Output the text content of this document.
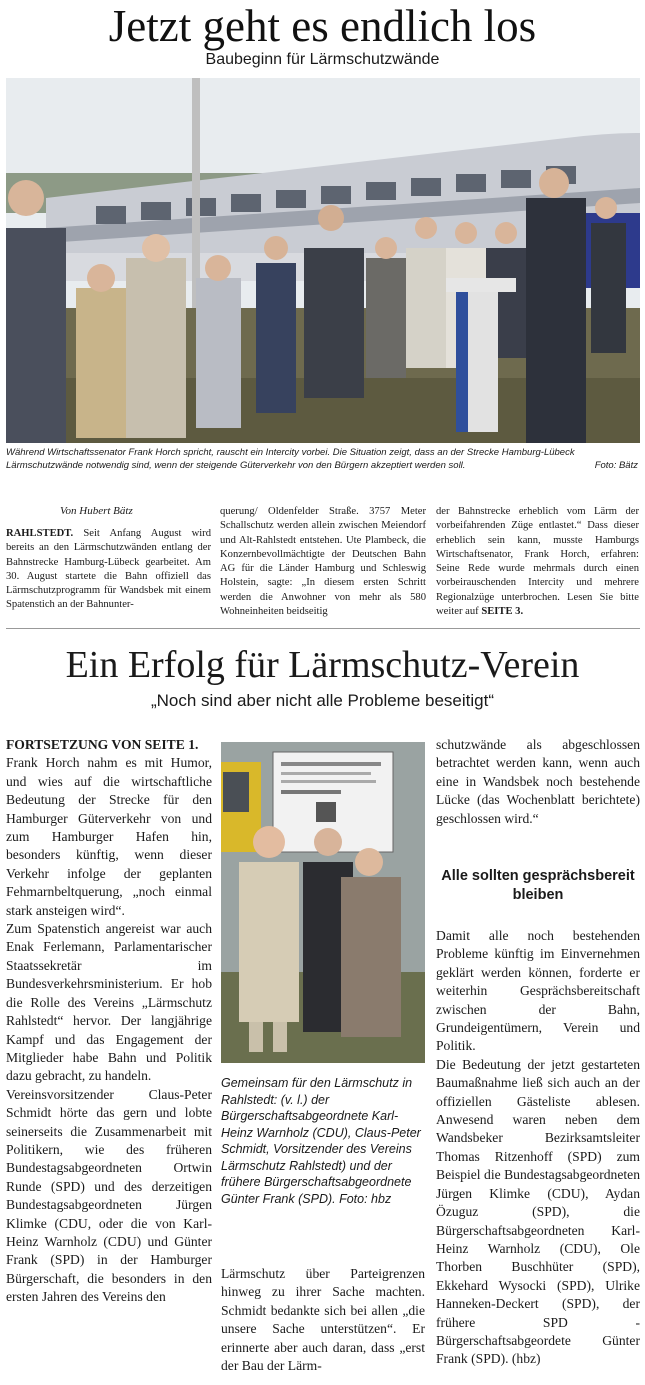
Jetzt geht es endlich los
Baubeginn für Lärmschutzwände
Während Wirtschaftssenator Frank Horch spricht, rauscht ein Intercity vorbei. Die Situation zeigt, dass an der Strecke Hamburg-Lübeck Lärmschutzwände notwendig sind, wenn der steigende Güterverkehr von den Bürgern akzeptiert werden soll.	Foto: Bätz
Von Hubert Bätz
RAHLSTEDT. Seit Anfang August wird bereits an den Lärmschutzwänden entlang der Bahnstrecke Hamburg-Lübeck gearbeitet. Am 30. August startete die Bahn offiziell das Lärmschutzprogramm für Wandsbek mit einem Spatenstich an der Bahnunter-
querung/ Oldenfelder Straße. 3757 Meter Schallschutz werden allein zwischen Meiendorf und Alt-Rahlstedt entstehen. Ute Plambeck, die Konzernbevollmächtigte der Deutschen Bahn AG für die Länder Hamburg und Schleswig Holstein, sagte: „In diesem ersten Schritt werden die Anwohner von mehr als 580 Wohneinheiten beidseitig
der Bahnstrecke erheblich vom Lärm der vorbeifahrenden Züge entlastet.“ Dass dieser erheblich sein kann, musste Hamburgs Wirtschaftsenator, Frank Horch, erfahren: Seine Rede wurde mehrmals durch einen vorbeirauschenden Intercity und mehrere Regionalzüge unterbrochen. Lesen Sie bitte weiter auf SEITE 3.
Ein Erfolg für Lärmschutz-Verein
„Noch sind aber nicht alle Probleme beseitigt“

FORTSETZUNG VON SEITE 1.
Frank Horch nahm es mit Humor, und wies auf die wirtschaftliche Bedeutung der Strecke für den Hamburger Güterverkehr von und zum Hamburger Hafen hin, besonders künftig, wenn dieser Verkehr infolge der geplanten Fehmarnbeltquerung, „noch einmal stark ansteigen wird“.

Zum Spatenstich angereist war auch Enak Ferlemann, Parlamentarischer Staatssekretär im Bundesverkehrsministerium. Er hob die Rolle des Vereins „Lärmschutz Rahlstedt“ hervor. Der langjährige Kampf und das Engagement der Mitglieder habe Bahn und Politik dazu gebracht, zu handeln.

Vereinsvorsitzender Claus-Peter Schmidt hörte das gern und lobte seinerseits die Zusammenarbeit mit Politikern, wie des früheren Bundestagsabgeordneten Ortwin Runde (SPD) und des derzeitigen Bundestagsabgeordneten Jürgen Klimke (CDU, oder die von Karl-Heinz Warnholz (CDU) und Günter Frank (SPD) in der Hamburger Bürgerschaft, die besonders in den ersten Jahren des Vereins den

Gemeinsam für den Lärmschutz in Rahlstedt: (v. l.) der Bürgerschaftsabgeordnete Karl-Heinz Warnholz (CDU), Claus-Peter Schmidt, Vorsitzender des Vereins Lärmschutz Rahlstedt) und der frühere Bürgerschaftsabgeordnete Günter Frank (SPD). Foto: hbz
Lärmschutz über Parteigrenzen hinweg zu ihrer Sache machten. Schmidt bedankte sich bei allen „die unsere Sache unterstützen“. Er erinnerte aber auch daran, dass „erst der Bau der Lärm-
schutzwände als abgeschlossen betrachtet werden kann, wenn auch eine in Wandsbek noch bestehende Lücke (das Wochenblatt berichtete) geschlossen wird.“
Alle sollten gesprächsbereit bleiben

Damit alle noch bestehenden Probleme künftig im Einvernehmen geklärt werden können, forderte er weiterhin Gesprächsbereitschaft zwischen der Bahn, Grundeigentümern, Verein und Politik.

Die Bedeutung der jetzt gestarteten Baumaßnahme ließ sich auch an der offiziellen Gästeliste ablesen. Anwesend waren neben dem Wandsbeker Bezirksamtsleiter Thomas Ritzenhoff (SPD) zum Beispiel die Bundestagsabgeordneten Jürgen Klimke (CDU), Aydan Özuguz (SPD), die Bürgerschaftsabgeordneten Karl-Heinz Warnholz (CDU), Ole Thorben Buschhüter (SPD), Ekkehard Wysocki (SPD), Ulrike Hanneken-Deckert (SPD), der frühere SPD - Bürgerschaftsabgeordete Günter Frank (SPD). (hbz)
